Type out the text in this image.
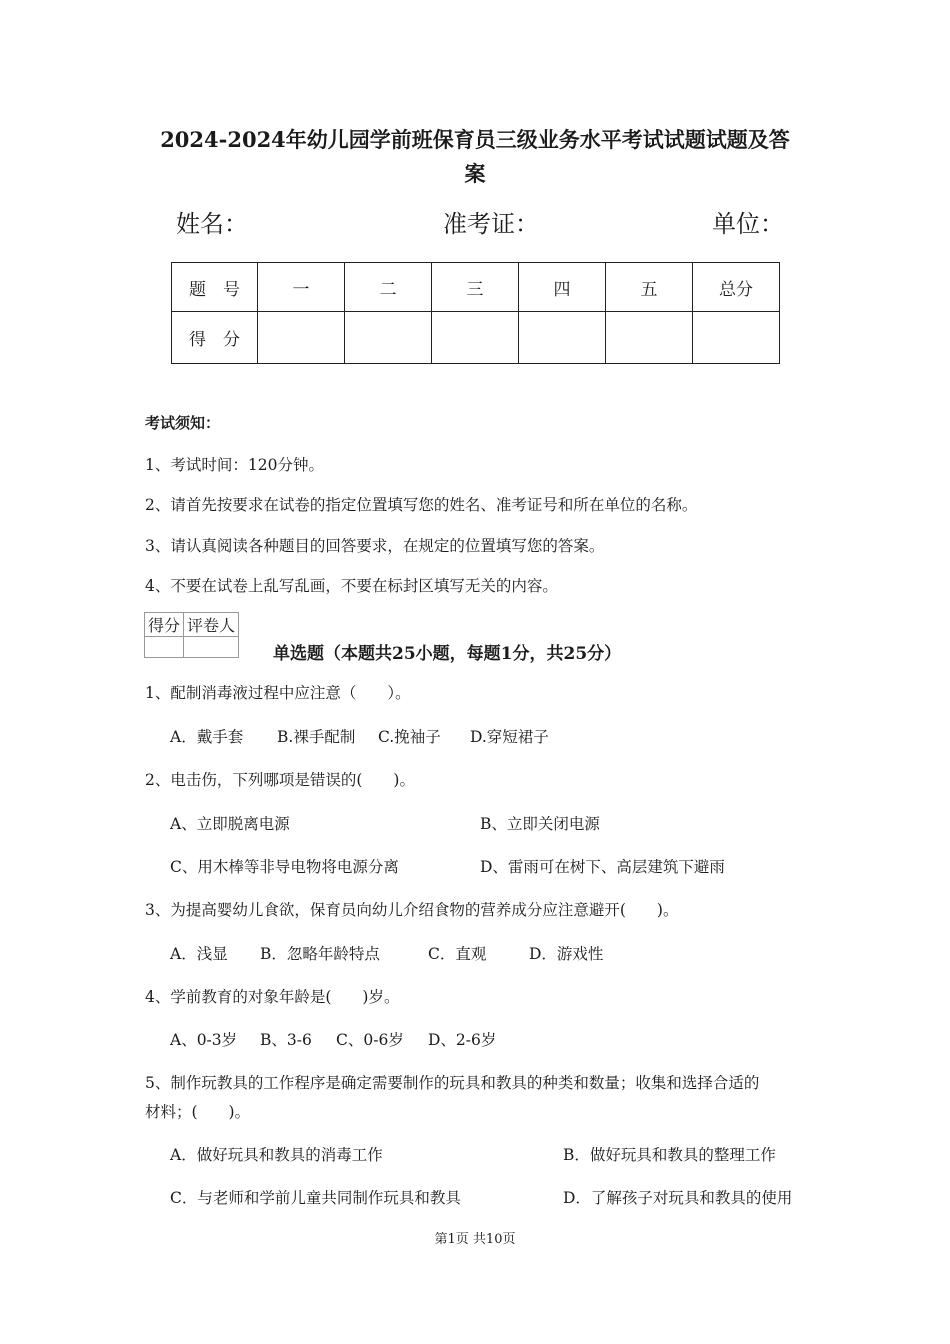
2024-2024年幼儿园学前班保育员三级业务水平考试试题试题及答
案
姓名：	准考证：	单位：
题　号	一	二	三	四	五	总分
得　分						
考试须知：
1、考试时间：120分钟。
2、请首先按要求在试卷的指定位置填写您的姓名、准考证号和所在单位的名称。
3、请认真阅读各种题目的回答要求，在规定的位置填写您的答案。
4、不要在试卷上乱写乱画，不要在标封区填写无关的内容。
得分	评卷人

单选题（本题共25小题，每题1分，共25分）
1、配制消毒液过程中应注意（　　）。
A．戴手套 B.裸手配制 C.挽袖子 D.穿短裙子
2、电击伤，下列哪项是错误的(　　)。
A、立即脱离电源	B、立即关闭电源
C、用木棒等非导电物将电源分离	D、雷雨可在树下、高层建筑下避雨
3、为提高婴幼儿食欲，保育员向幼儿介绍食物的营养成分应注意避开(　　)。
A．浅显 B．忽略年龄特点	C．直观	D．游戏性
4、学前教育的对象年龄是(　　)岁。
A、0-3岁 B、3-6 C、0-6岁 D、2-6岁
5、制作玩教具的工作程序是确定需要制作的玩具和教具的种类和数量；收集和选择合适的
材料；(　　)。
A．做好玩具和教具的消毒工作	B．做好玩具和教具的整理工作
C．与老师和学前儿童共同制作玩具和教具	D．了解孩子对玩具和教具的使用
第1页 共10页
